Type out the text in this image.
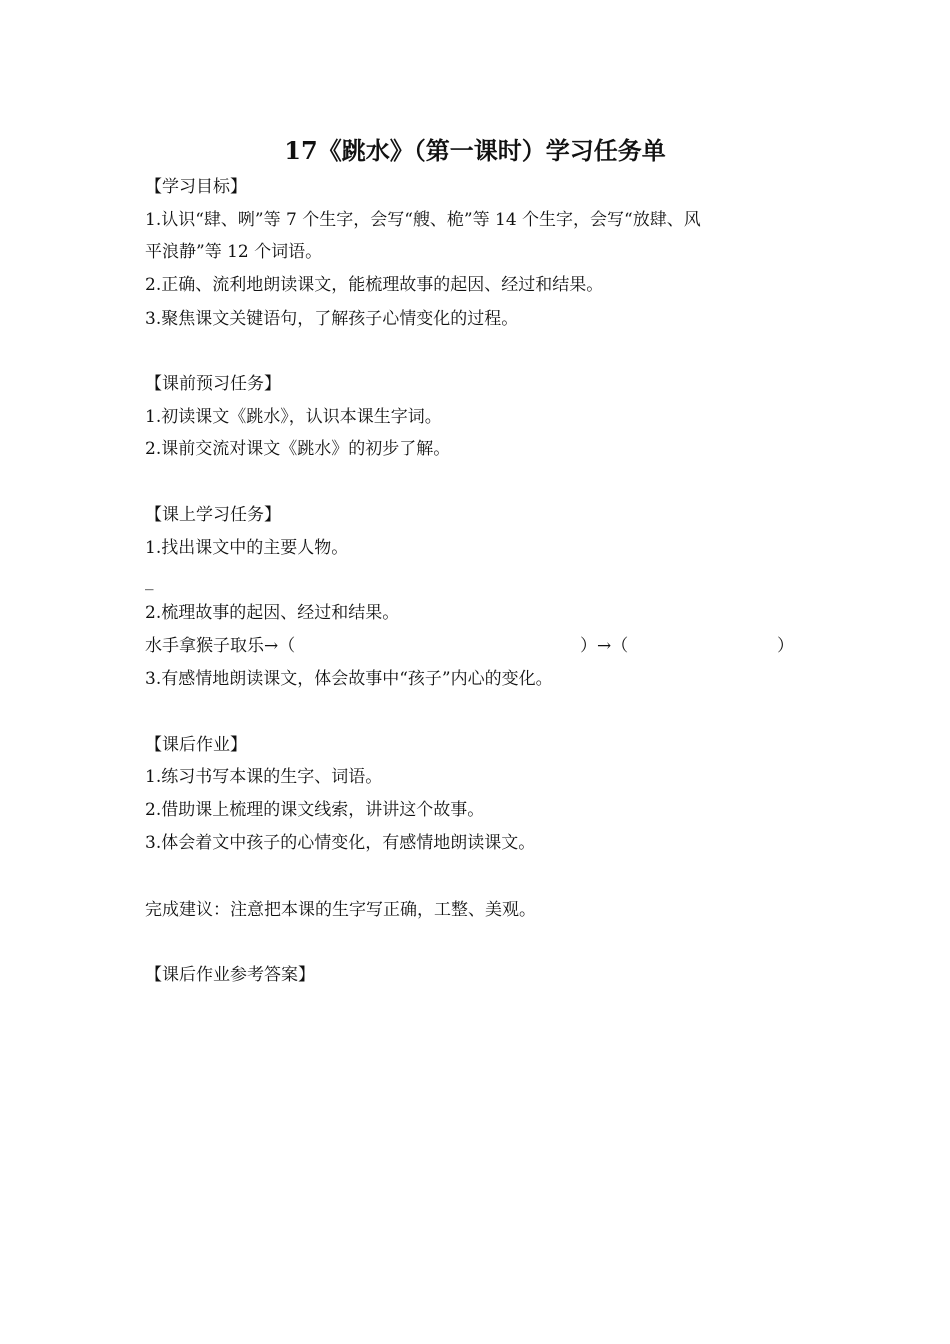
17《跳水》（第一课时）学习任务单
【学习目标】
1.认识“肆、咧”等 7 个生字，会写“艘、桅”等 14 个生字，会写“放肆、风
平浪静”等 12 个词语。
2.正确、流利地朗读课文，能梳理故事的起因、经过和结果。
3.聚焦课文关键语句，了解孩子心情变化的过程。
【课前预习任务】
1.初读课文《跳水》，认识本课生字词。
2.课前交流对课文《跳水》的初步了解。
【课上学习任务】
1.找出课文中的主要人物。
_
2.梳理故事的起因、经过和结果。
水手拿猴子取乐→（	）→（	）
3.有感情地朗读课文，体会故事中“孩子”内心的变化。
【课后作业】
1.练习书写本课的生字、词语。
2.借助课上梳理的课文线索，讲讲这个故事。
3.体会着文中孩子的心情变化，有感情地朗读课文。
完成建议：注意把本课的生字写正确，工整、美观。
【课后作业参考答案】
